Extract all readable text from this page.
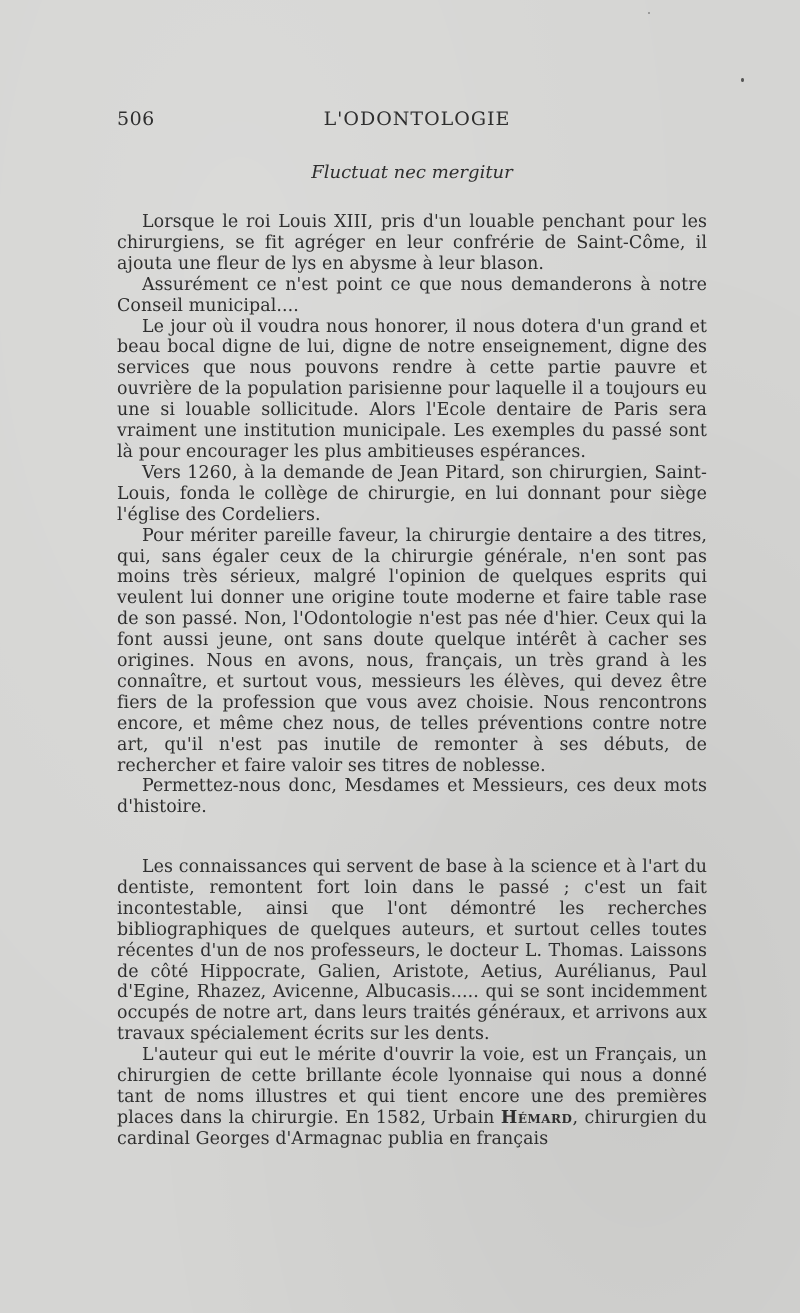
506	L'ODONTOLOGIE
Fluctuat nec mergitur

Lorsque le roi Louis XIII, pris d'un louable penchant pour les chirurgiens, se fit agréger en leur confrérie de Saint-Côme, il ajouta une fleur de lys en abysme à leur blason.

Assurément ce n'est point ce que nous demanderons à notre Conseil municipal....

Le jour où il voudra nous honorer, il nous dotera d'un grand et beau bocal digne de lui, digne de notre enseignement, digne des services que nous pouvons rendre à cette partie pauvre et ouvrière de la population parisienne pour laquelle il a toujours eu une si louable sollicitude. Alors l'Ecole dentaire de Paris sera vraiment une institution municipale. Les exemples du passé sont là pour encourager les plus ambitieuses espérances.

Vers 1260, à la demande de Jean Pitard, son chirurgien, Saint-Louis, fonda le collège de chirurgie, en lui donnant pour siège l'église des Cordeliers.

Pour mériter pareille faveur, la chirurgie dentaire a des titres, qui, sans égaler ceux de la chirurgie générale, n'en sont pas moins très sérieux, malgré l'opinion de quelques esprits qui veulent lui donner une origine toute moderne et faire table rase de son passé. Non, l'Odontologie n'est pas née d'hier. Ceux qui la font aussi jeune, ont sans doute quelque intérêt à cacher ses origines. Nous en avons, nous, français, un très grand à les connaître, et surtout vous, messieurs les élèves, qui devez être fiers de la profession que vous avez choisie. Nous rencontrons encore, et même chez nous, de telles préventions contre notre art, qu'il n'est pas inutile de remonter à ses débuts, de rechercher et faire valoir ses titres de noblesse.

Permettez-nous donc, Mesdames et Messieurs, ces deux mots d'histoire.

Les connaissances qui servent de base à la science et à l'art du dentiste, remontent fort loin dans le passé ; c'est un fait incontestable, ainsi que l'ont démontré les recherches bibliographiques de quelques auteurs, et surtout celles toutes récentes d'un de nos professeurs, le docteur L. Thomas. Laissons de côté Hippocrate, Galien, Aristote, Aetius, Aurélianus, Paul d'Egine, Rhazez, Avicenne, Albucasis..... qui se sont incidemment occupés de notre art, dans leurs traités généraux, et arrivons aux travaux spécialement écrits sur les dents.

L'auteur qui eut le mérite d'ouvrir la voie, est un Français, un chirurgien de cette brillante école lyonnaise qui nous a donné tant de noms illustres et qui tient encore une des premières places dans la chirurgie. En 1582, Urbain Hémard, chirurgien du cardinal Georges d'Armagnac publia en français
